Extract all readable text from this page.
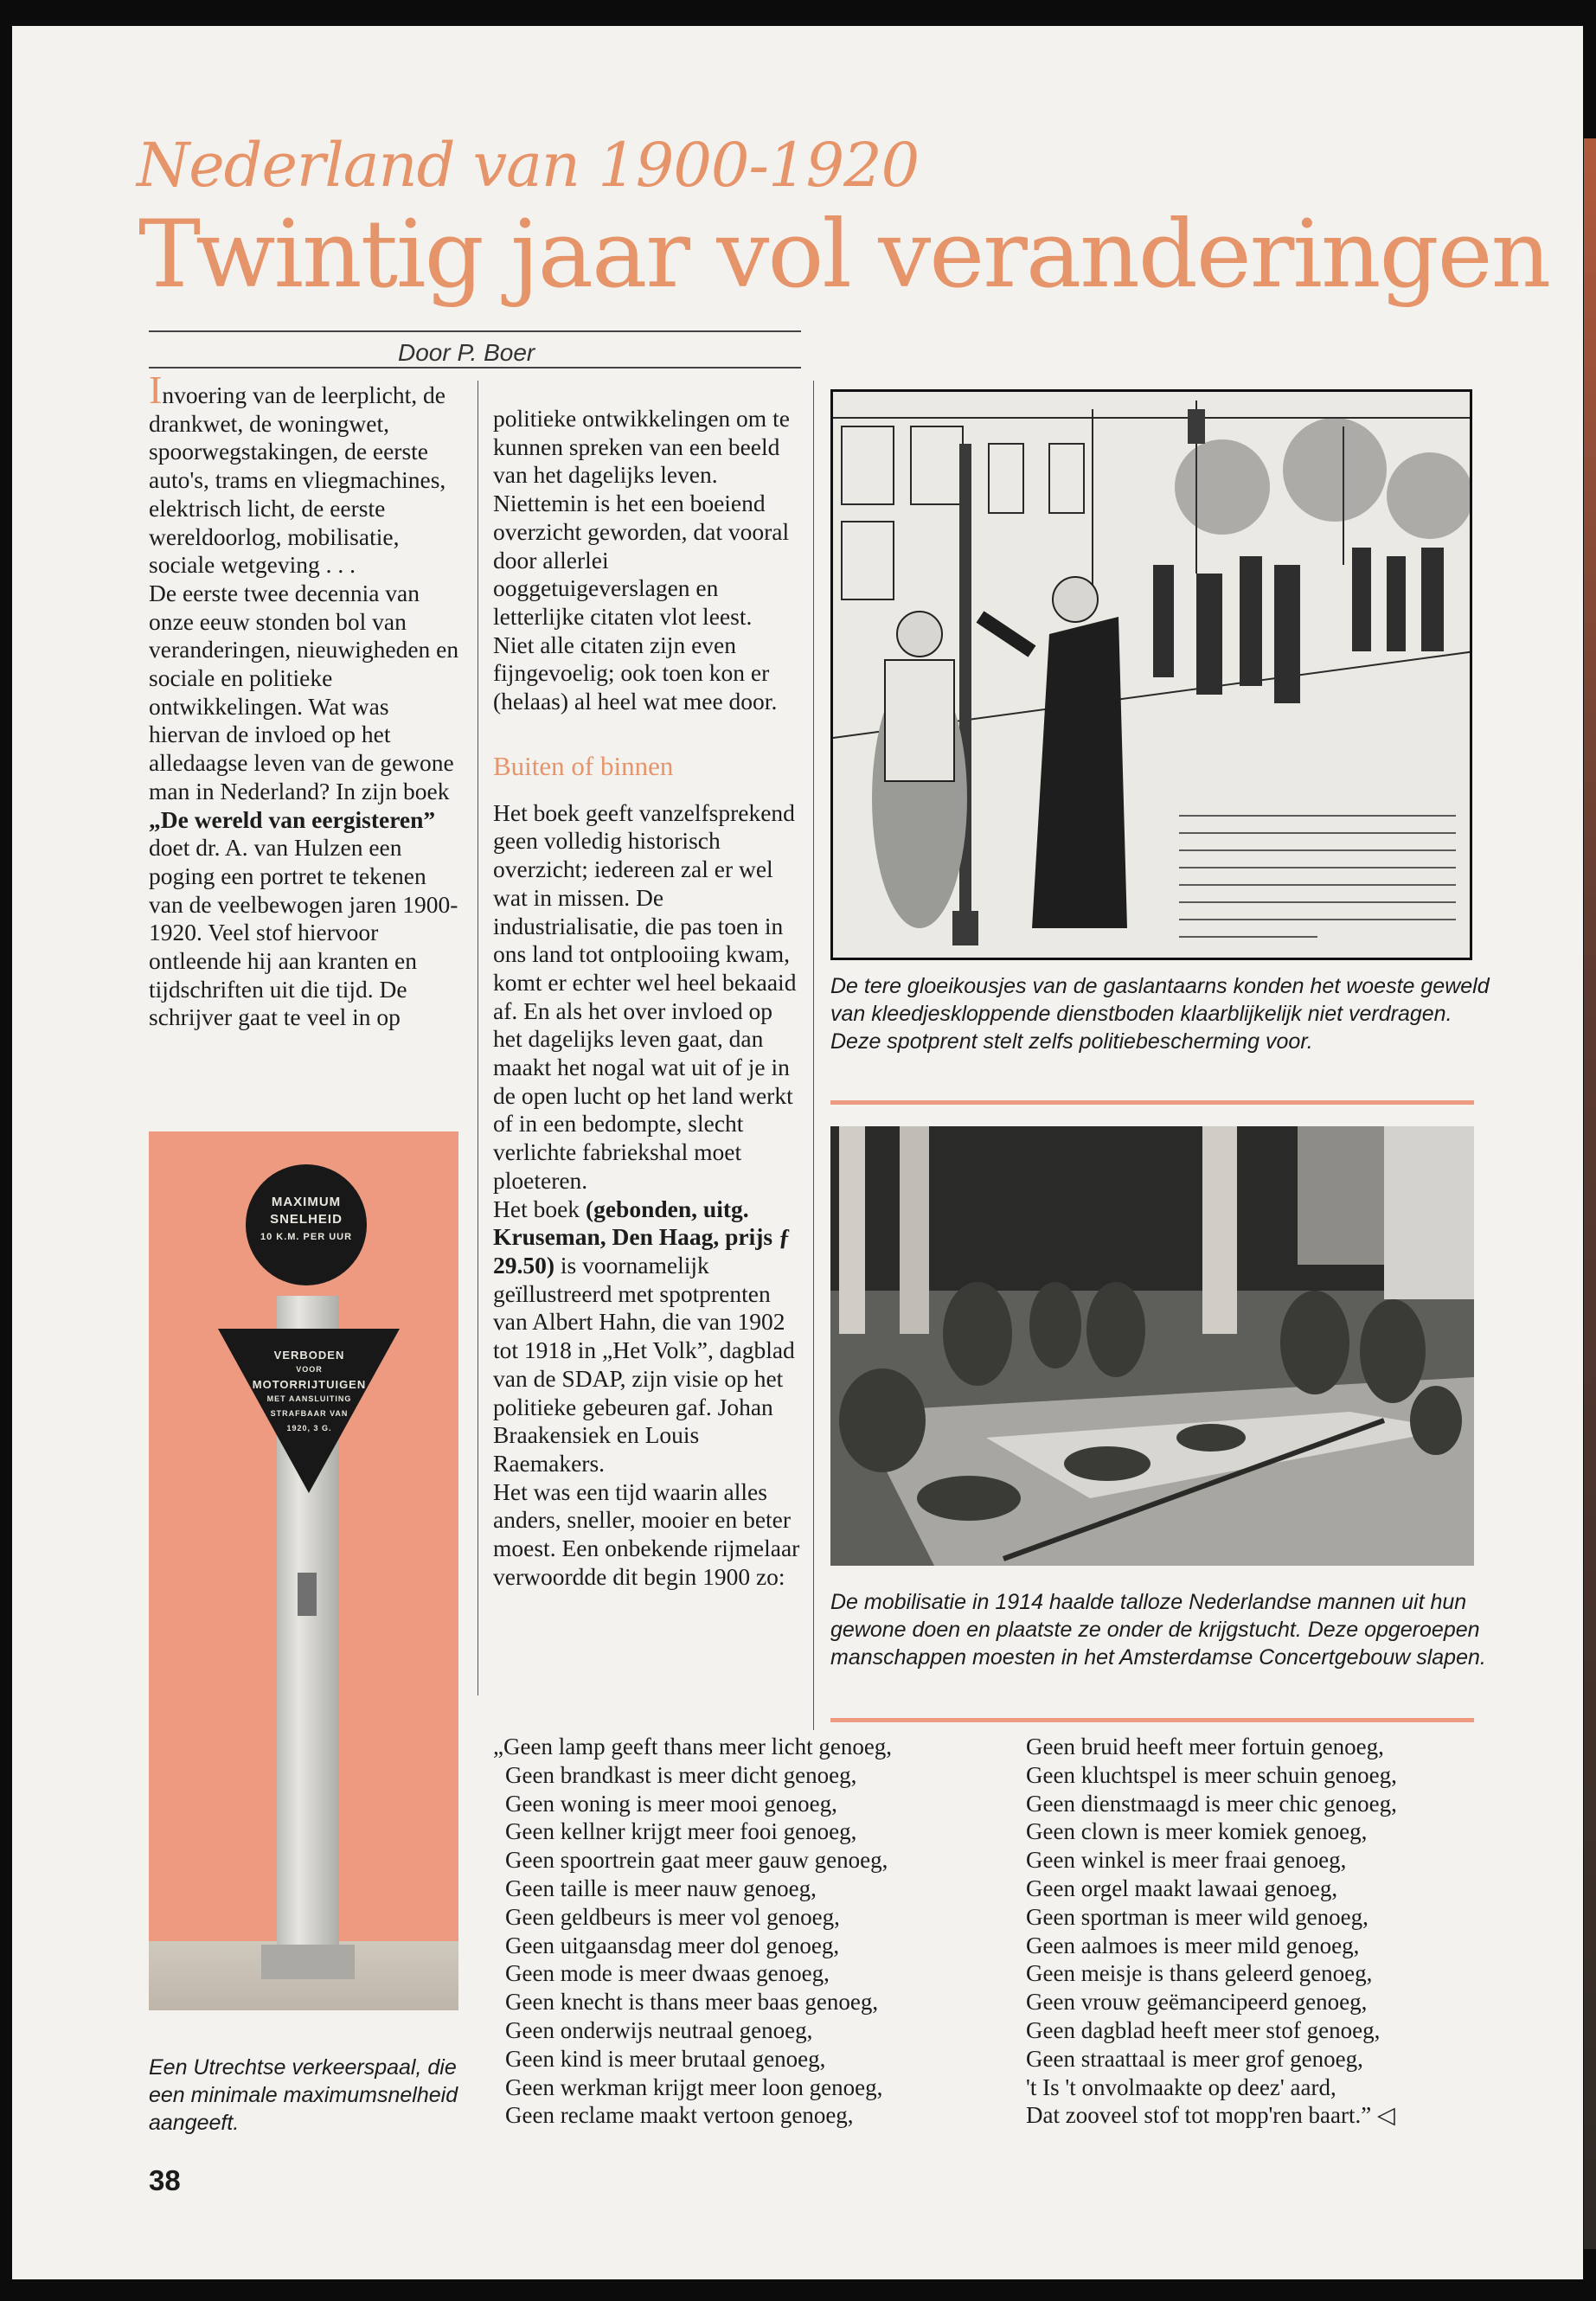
Nederland van 1900-1920
Twintig jaar vol veranderingen
Door P. Boer

Invoering van de leerplicht, de drankwet, de woningwet, spoorwegstakingen, de eerste auto's, trams en vliegmachines, elektrisch licht, de eerste wereldoorlog, mobilisatie, sociale wetgeving . . .

De eerste twee decennia van onze eeuw stonden bol van veranderingen, nieuwigheden en sociale en politieke ontwikkelingen. Wat was hiervan de invloed op het alledaagse leven van de gewone man in Nederland? In zijn boek „De wereld van eergisteren” doet dr. A. van Hulzen een poging een portret te tekenen van de veelbewogen jaren 1900-1920. Veel stof hiervoor ontleende hij aan kranten en tijdschriften uit die tijd. De schrijver gaat te veel in op

politieke ontwikkelingen om te kunnen spreken van een beeld van het dagelijks leven. Niettemin is het een boeiend overzicht geworden, dat vooral door allerlei ooggetuigeverslagen en letterlijke citaten vlot leest.

Niet alle citaten zijn even fijngevoelig; ook toen kon er (helaas) al heel wat mee door.

Buiten of binnen

Het boek geeft vanzelfsprekend geen volledig historisch overzicht; iedereen zal er wel wat in missen. De industrialisatie, die pas toen in ons land tot ontplooiing kwam, komt er echter wel heel bekaaid af. En als het over invloed op het dagelijks leven gaat, dan maakt het nogal wat uit of je in de open lucht op het land werkt of in een bedompte, slecht verlichte fabriekshal moet ploeteren.

Het boek (gebonden, uitg. Kruseman, Den Haag, prijs ƒ 29.50) is voornamelijk geïllustreerd met spotprenten van Albert Hahn, die van 1902 tot 1918 in „Het Volk”, dagblad van de SDAP, zijn visie op het politieke gebeuren gaf. Johan Braakensiek en Louis Raemakers.

Het was een tijd waarin alles anders, sneller, mooier en beter moest. Een onbekende rijmelaar verwoordde dit begin 1900 zo:

MAXIMUM
SNELHEID
10 K.M. PER UUR
VERBODEN
VOOR
MOTORRIJTUIGEN
MET AANSLUITING
STRAFBAAR VAN
1920, 3 G.
Een Utrechtse verkeerspaal, die een minimale maximumsnelheid aangeeft.
De tere gloeikousjes van de gaslantaarns konden het woeste geweld van kleedjeskloppende dienstboden klaarblijkelijk niet verdragen. Deze spotprent stelt zelfs politiebescherming voor.
De mobilisatie in 1914 haalde talloze Nederlandse mannen uit hun gewone doen en plaatste ze onder de krijgstucht. Deze opgeroepen manschappen moesten in het Amsterdamse Concertgebouw slapen.
„Geen lamp geeft thans meer licht genoeg,
Geen brandkast is meer dicht genoeg,
Geen woning is meer mooi genoeg,
Geen kellner krijgt meer fooi genoeg,
Geen spoortrein gaat meer gauw genoeg,
Geen taille is meer nauw genoeg,
Geen geldbeurs is meer vol genoeg,
Geen uitgaansdag meer dol genoeg,
Geen mode is meer dwaas genoeg,
Geen knecht is thans meer baas genoeg,
Geen onderwijs neutraal genoeg,
Geen kind is meer brutaal genoeg,
Geen werkman krijgt meer loon genoeg,
Geen reclame maakt vertoon genoeg,
Geen bruid heeft meer fortuin genoeg,
Geen kluchtspel is meer schuin genoeg,
Geen dienstmaagd is meer chic genoeg,
Geen clown is meer komiek genoeg,
Geen winkel is meer fraai genoeg,
Geen orgel maakt lawaai genoeg,
Geen sportman is meer wild genoeg,
Geen aalmoes is meer mild genoeg,
Geen meisje is thans geleerd genoeg,
Geen vrouw geëmancipeerd genoeg,
Geen dagblad heeft meer stof genoeg,
Geen straattaal is meer grof genoeg,
't Is 't onvolmaakte op deez' aard,
Dat zooveel stof tot mopp'ren baart.” ◁
38
